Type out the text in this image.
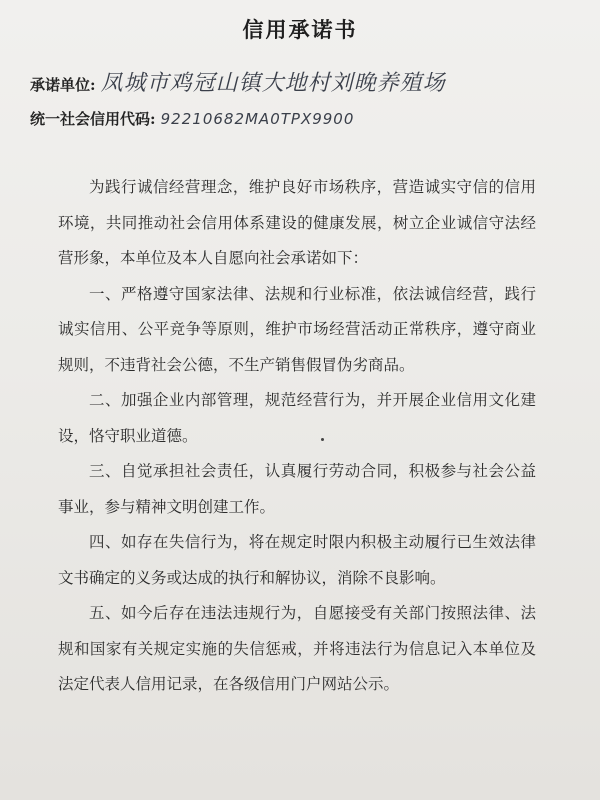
信用承诺书
承诺单位: 凤城市鸡冠山镇大地村刘晚养殖场
统一社会信用代码: 92210682MA0TPX9900

为践行诚信经营理念，维护良好市场秩序，营造诚实守信的信用环境，共同推动社会信用体系建设的健康发展，树立企业诚信守法经营形象，本单位及本人自愿向社会承诺如下：

一、严格遵守国家法律、法规和行业标准，依法诚信经营，践行诚实信用、公平竞争等原则，维护市场经营活动正常秩序，遵守商业规则，不违背社会公德，不生产销售假冒伪劣商品。

二、加强企业内部管理，规范经营行为，并开展企业信用文化建设，恪守职业道德。

三、自觉承担社会责任，认真履行劳动合同，积极参与社会公益事业，参与精神文明创建工作。

四、如存在失信行为，将在规定时限内积极主动履行已生效法律文书确定的义务或达成的执行和解协议，消除不良影响。

五、如今后存在违法违规行为，自愿接受有关部门按照法律、法规和国家有关规定实施的失信惩戒，并将违法行为信息记入本单位及法定代表人信用记录，在各级信用门户网站公示。
